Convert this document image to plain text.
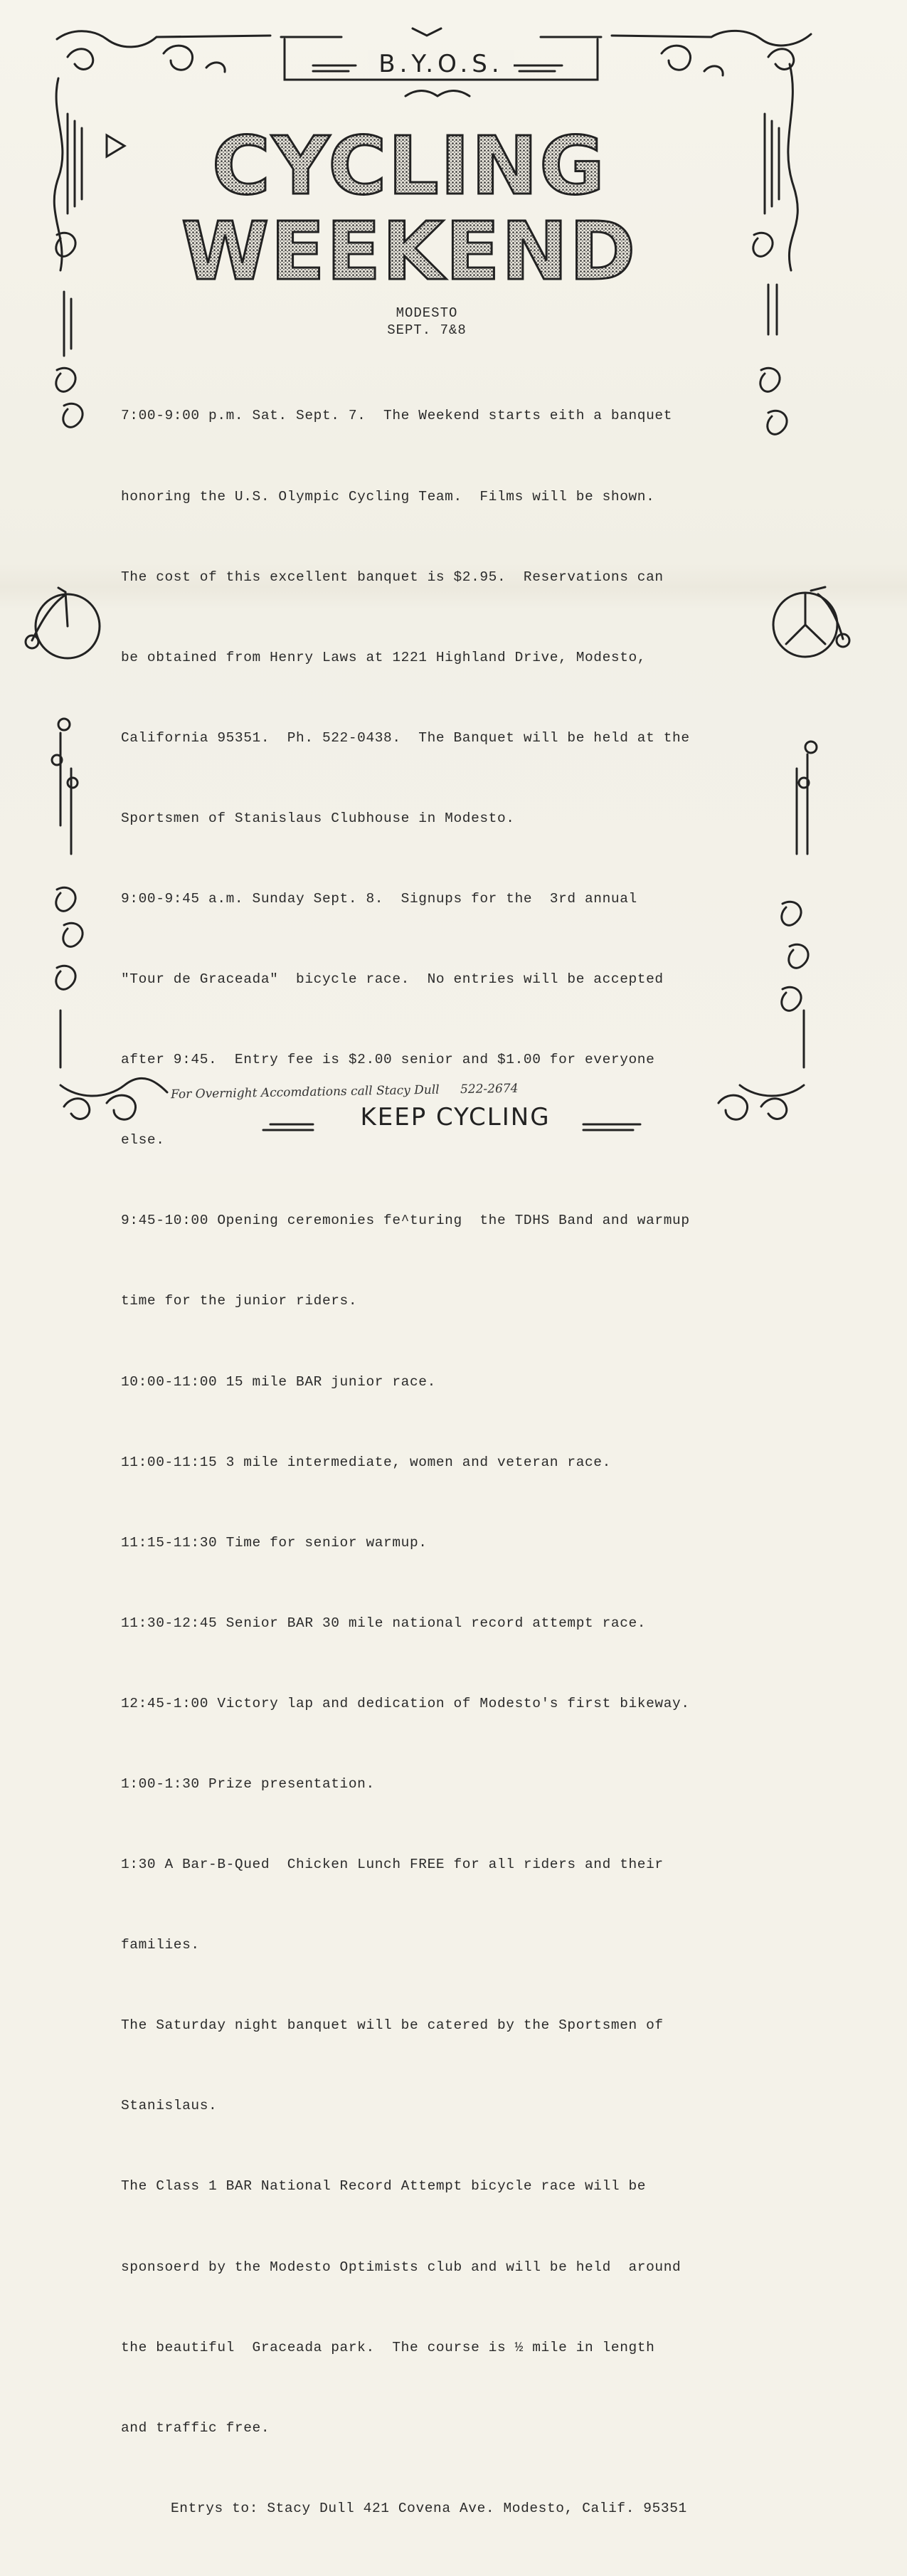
B.Y.O.S.
CYCLING
WEEKEND
MODESTO
SEPT. 7&8

7:00-9:00 p.m. Sat. Sept. 7.  The Weekend starts eith a banquet

honoring the U.S. Olympic Cycling Team.  Films will be shown.

The cost of this excellent banquet is $2.95.  Reservations can

be obtained from Henry Laws at 1221 Highland Drive, Modesto,

California 95351.  Ph. 522-0438.  The Banquet will be held at the

Sportsmen of Stanislaus Clubhouse in Modesto.

9:00-9:45 a.m. Sunday Sept. 8.  Signups for the  3rd annual

"Tour de Graceada"  bicycle race.  No entries will be accepted

after 9:45.  Entry fee is $2.00 senior and $1.00 for everyone

else.

9:45-10:00 Opening ceremonies fe^turing  the TDHS Band and warmup

time for the junior riders.

10:00-11:00 15 mile BAR junior race.

11:00-11:15 3 mile intermediate, women and veteran race.

11:15-11:30 Time for senior warmup.

11:30-12:45 Senior BAR 30 mile national record attempt race.

12:45-1:00 Victory lap and dedication of Modesto's first bikeway.

1:00-1:30 Prize presentation.

1:30 A Bar-B-Qued  Chicken Lunch FREE for all riders and their

families.

The Saturday night banquet will be catered by the Sportsmen of

Stanislaus.

The Class 1 BAR National Record Attempt bicycle race will be

sponsoerd by the Modesto Optimists club and will be held  around

the beautiful  Graceada park.  The course is ½ mile in length

and traffic free.

Entrys to: Stacy Dull 421 Covena Ave. Modesto, Calif. 95351

For Overnight Accomdations call Stacy Dull 522-2674
KEEP CYCLING
